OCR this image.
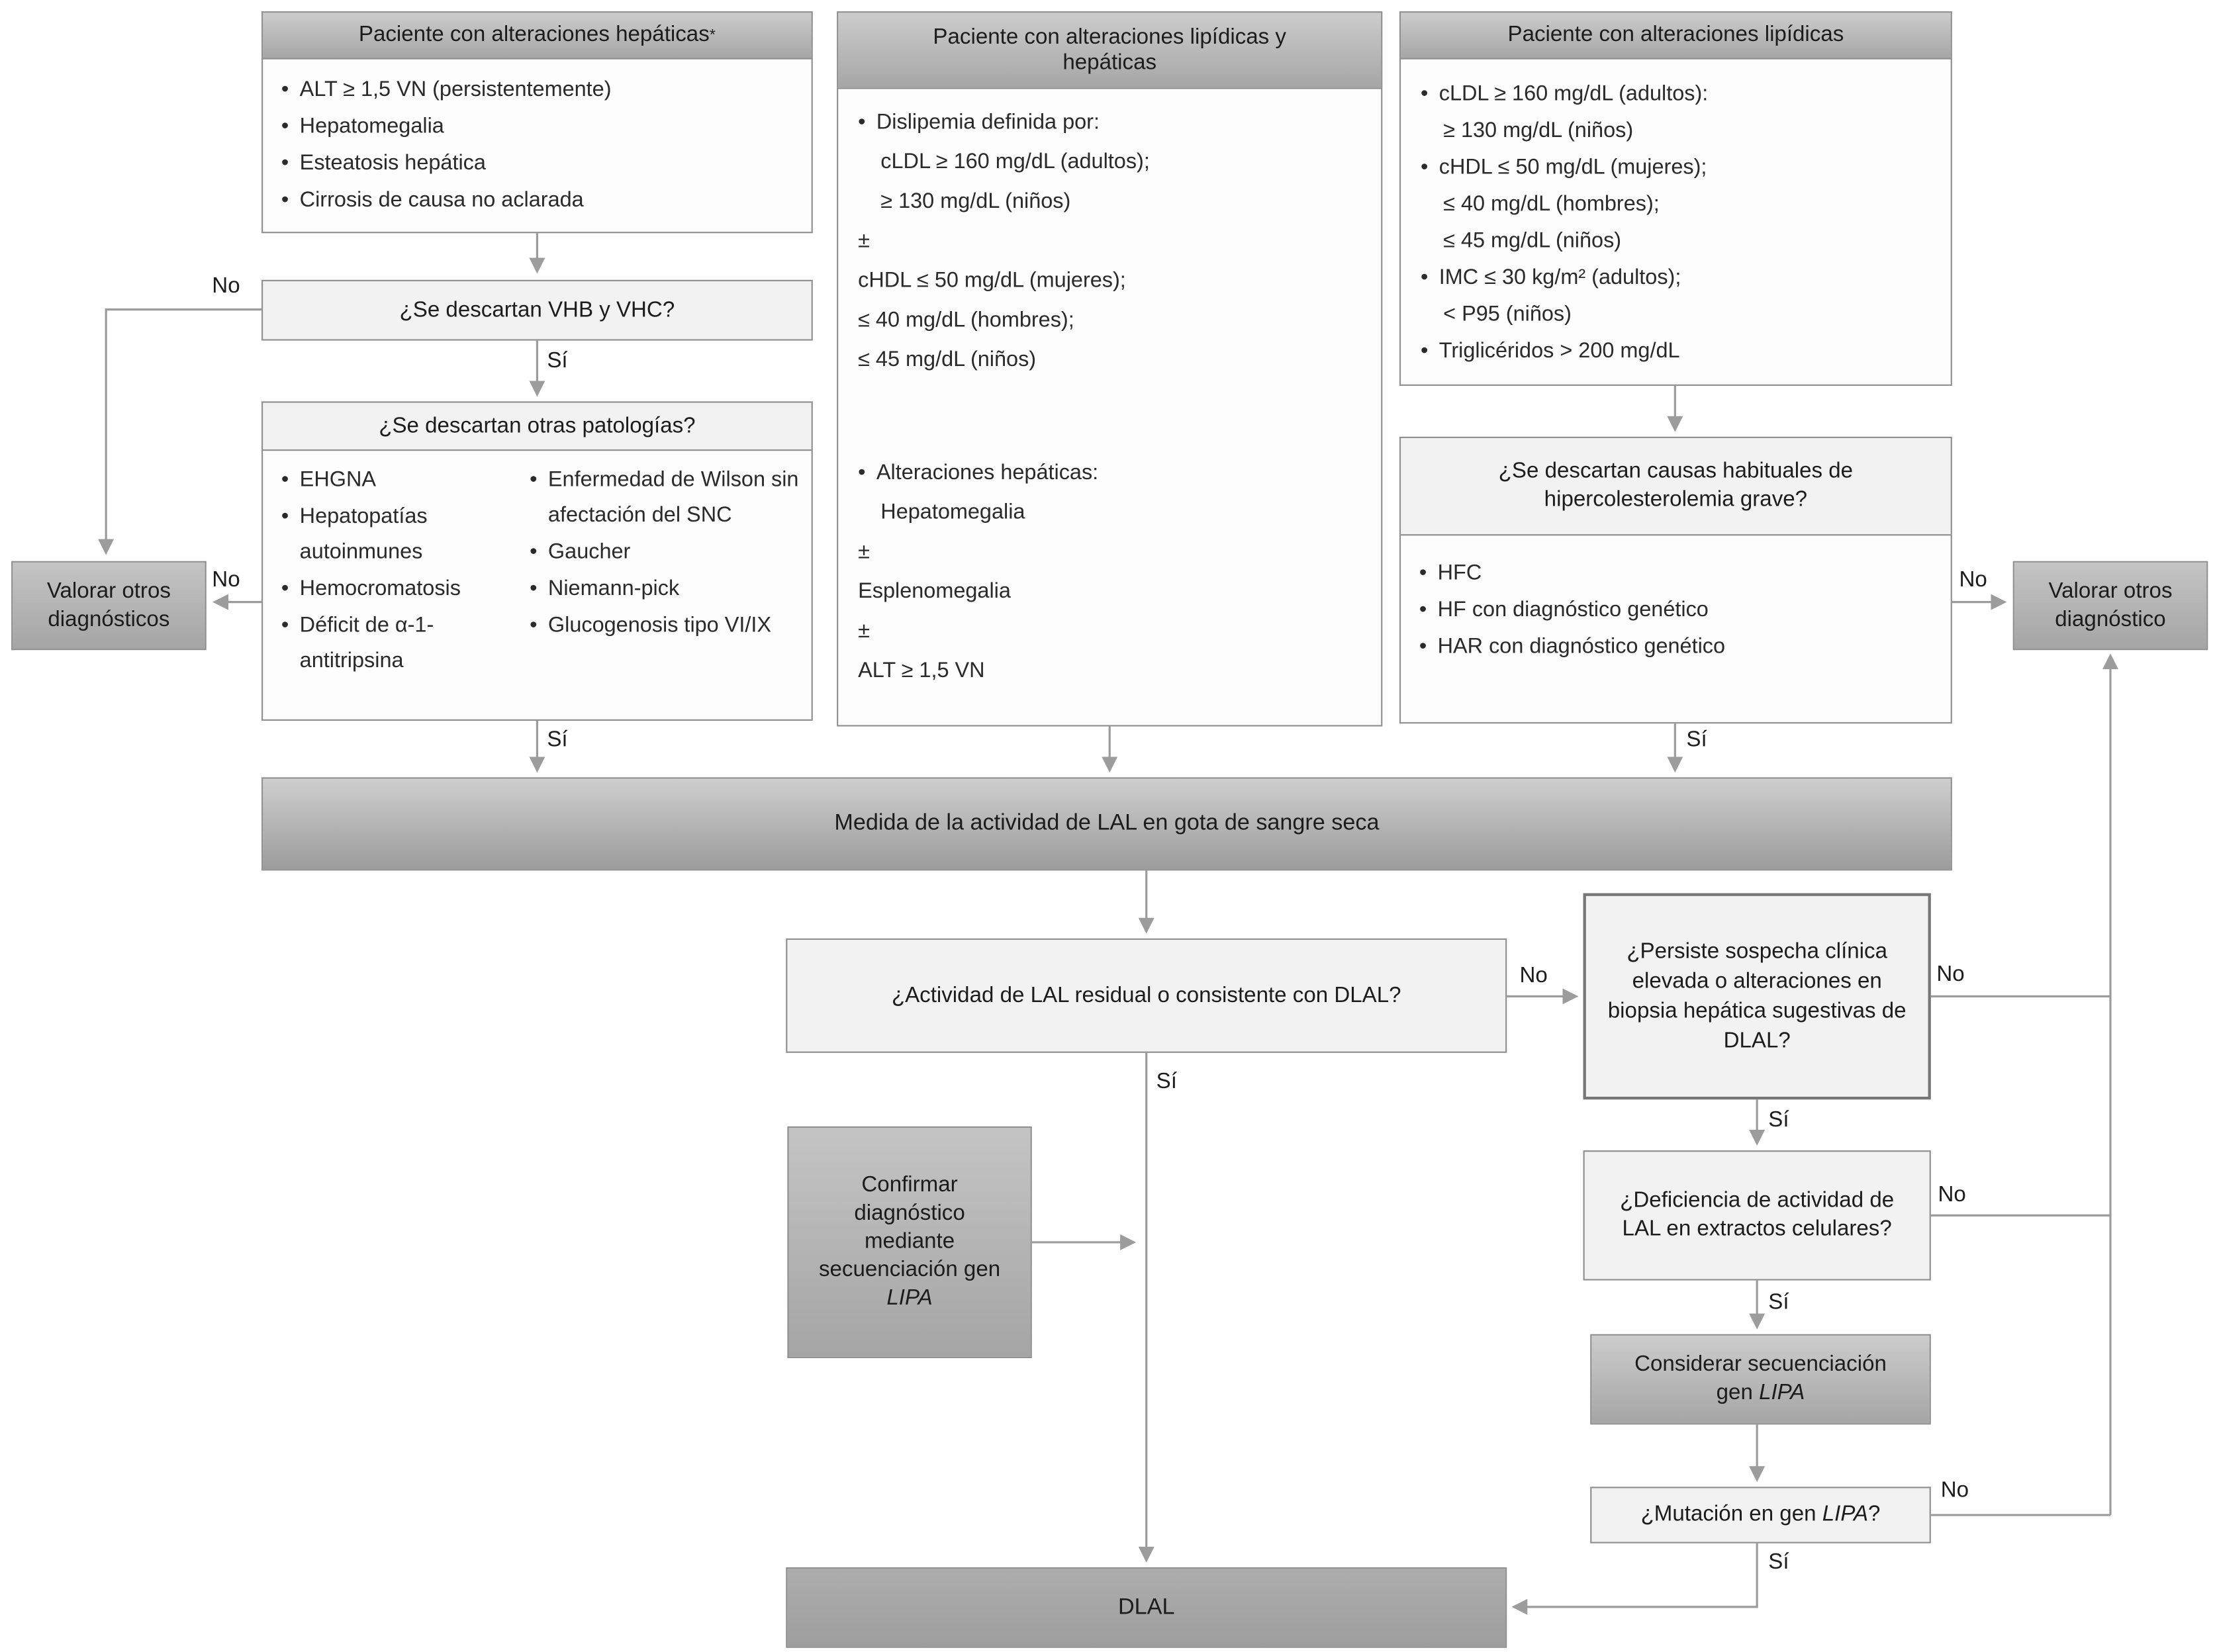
Paciente con alteraciones hepáticas *
• ALT ≥ 1,5 VN (persistentemente)
• Hepatomegalia
• Esteatosis hepática
• Cirrosis de causa no aclarada
¿Se descartan VHB y VHC?
¿Se descartan otras patologías?
• EHGNA
• Hepatopatías autoinmunes
• Hemocromatosis
• Déficit de α-1-antitripsina
• Enfermedad de Wilson sin afectación del SNC
• Gaucher
• Niemann-pick
• Glucogenosis tipo VI/IX
Valorar otros diagnósticos
Paciente con alteraciones lipídicas y hepáticas
• Dislipemia definida por:
cLDL ≥ 160 mg/dL (adultos);
≥ 130 mg/dL (niños)
±
cHDL ≤ 50 mg/dL (mujeres);
≤ 40 mg/dL (hombres);
≤ 45 mg/dL (niños)
• Alteraciones hepáticas:
Hepatomegalia
±
Esplenomegalia
±
ALT ≥ 1,5 VN
Paciente con alteraciones lipídicas
• cLDL ≥ 160 mg/dL (adultos):
≥ 130 mg/dL (niños)
• cHDL ≤ 50 mg/dL (mujeres);
≤ 40 mg/dL (hombres);
≤ 45 mg/dL (niños)
• IMC ≤ 30 kg/m² (adultos);
< P95 (niños)
• Triglicéridos > 200 mg/dL
¿Se descartan causas habituales de hipercolesterolemia grave?
• HFC
• HF con diagnóstico genético
• HAR con diagnóstico genético
Valorar otros diagnóstico
Medida de la actividad de LAL en gota de sangre seca
¿Actividad de LAL residual o consistente con DLAL?
¿Persiste sospecha clínica elevada o alteraciones en biopsia hepática sugestivas de DLAL?
¿Deficiencia de actividad de LAL en extractos celulares?
Considerar secuenciación gen LIPA
¿Mutación en gen LIPA?
Confirmar diagnóstico mediante secuenciación gen LIPA
DLAL
No
Sí
No
Sí
No
Sí
No
Sí
No
Sí
No
Sí
No
Sí
